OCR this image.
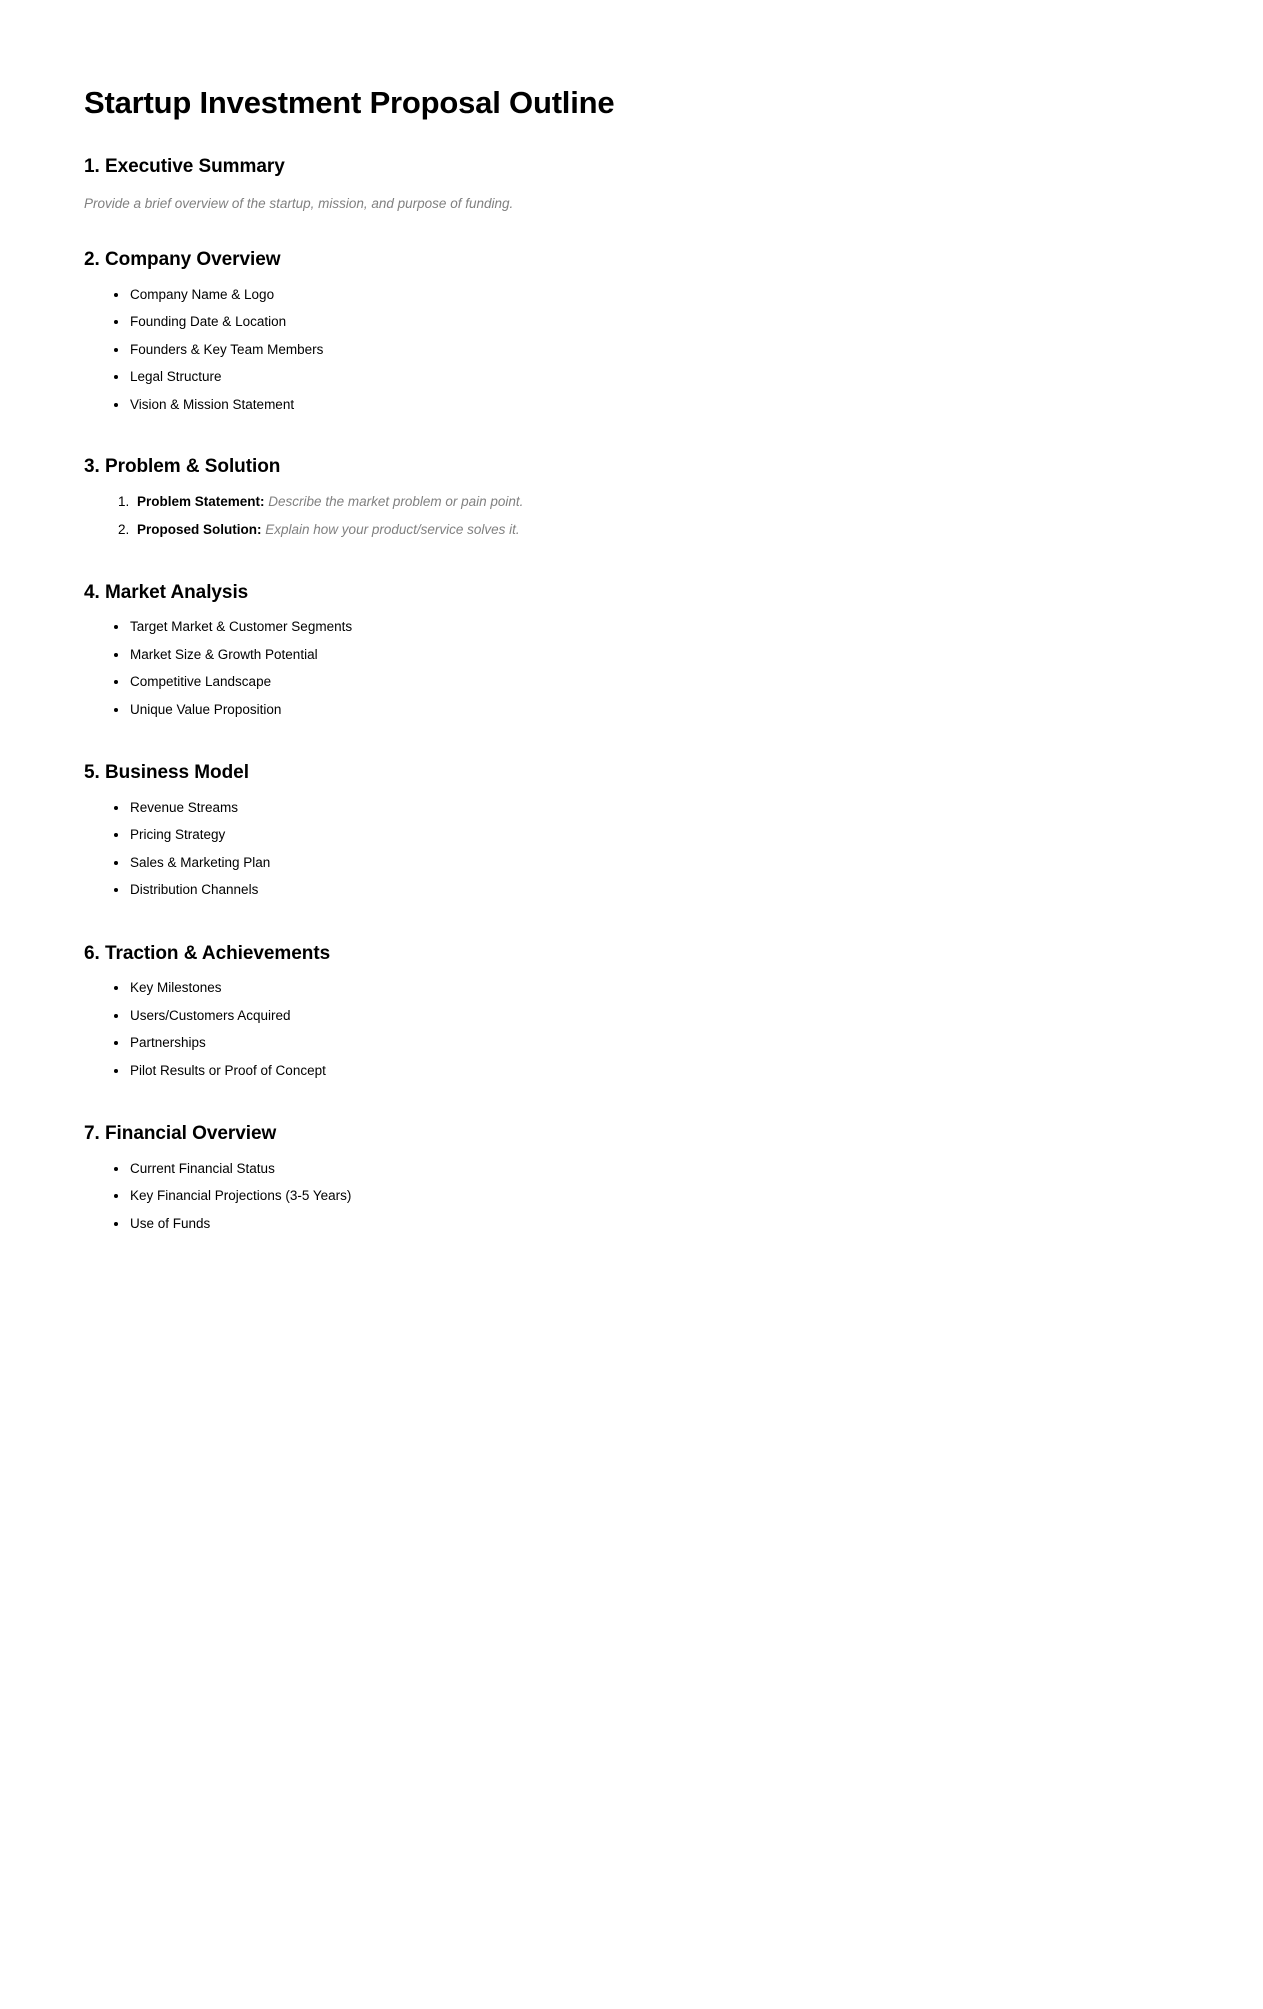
Startup Investment Proposal Outline
1. Executive Summary

Provide a brief overview of the startup, mission, and purpose of funding.

2. Company Overview
Company Name & Logo
Founding Date & Location
Founders & Key Team Members
Legal Structure
Vision & Mission Statement
3. Problem & Solution
Problem Statement: Describe the market problem or pain point.
Proposed Solution: Explain how your product/service solves it.
4. Market Analysis
Target Market & Customer Segments
Market Size & Growth Potential
Competitive Landscape
Unique Value Proposition
5. Business Model
Revenue Streams
Pricing Strategy
Sales & Marketing Plan
Distribution Channels
6. Traction & Achievements
Key Milestones
Users/Customers Acquired
Partnerships
Pilot Results or Proof of Concept
7. Financial Overview
Current Financial Status
Key Financial Projections (3-5 Years)
Use of Funds
